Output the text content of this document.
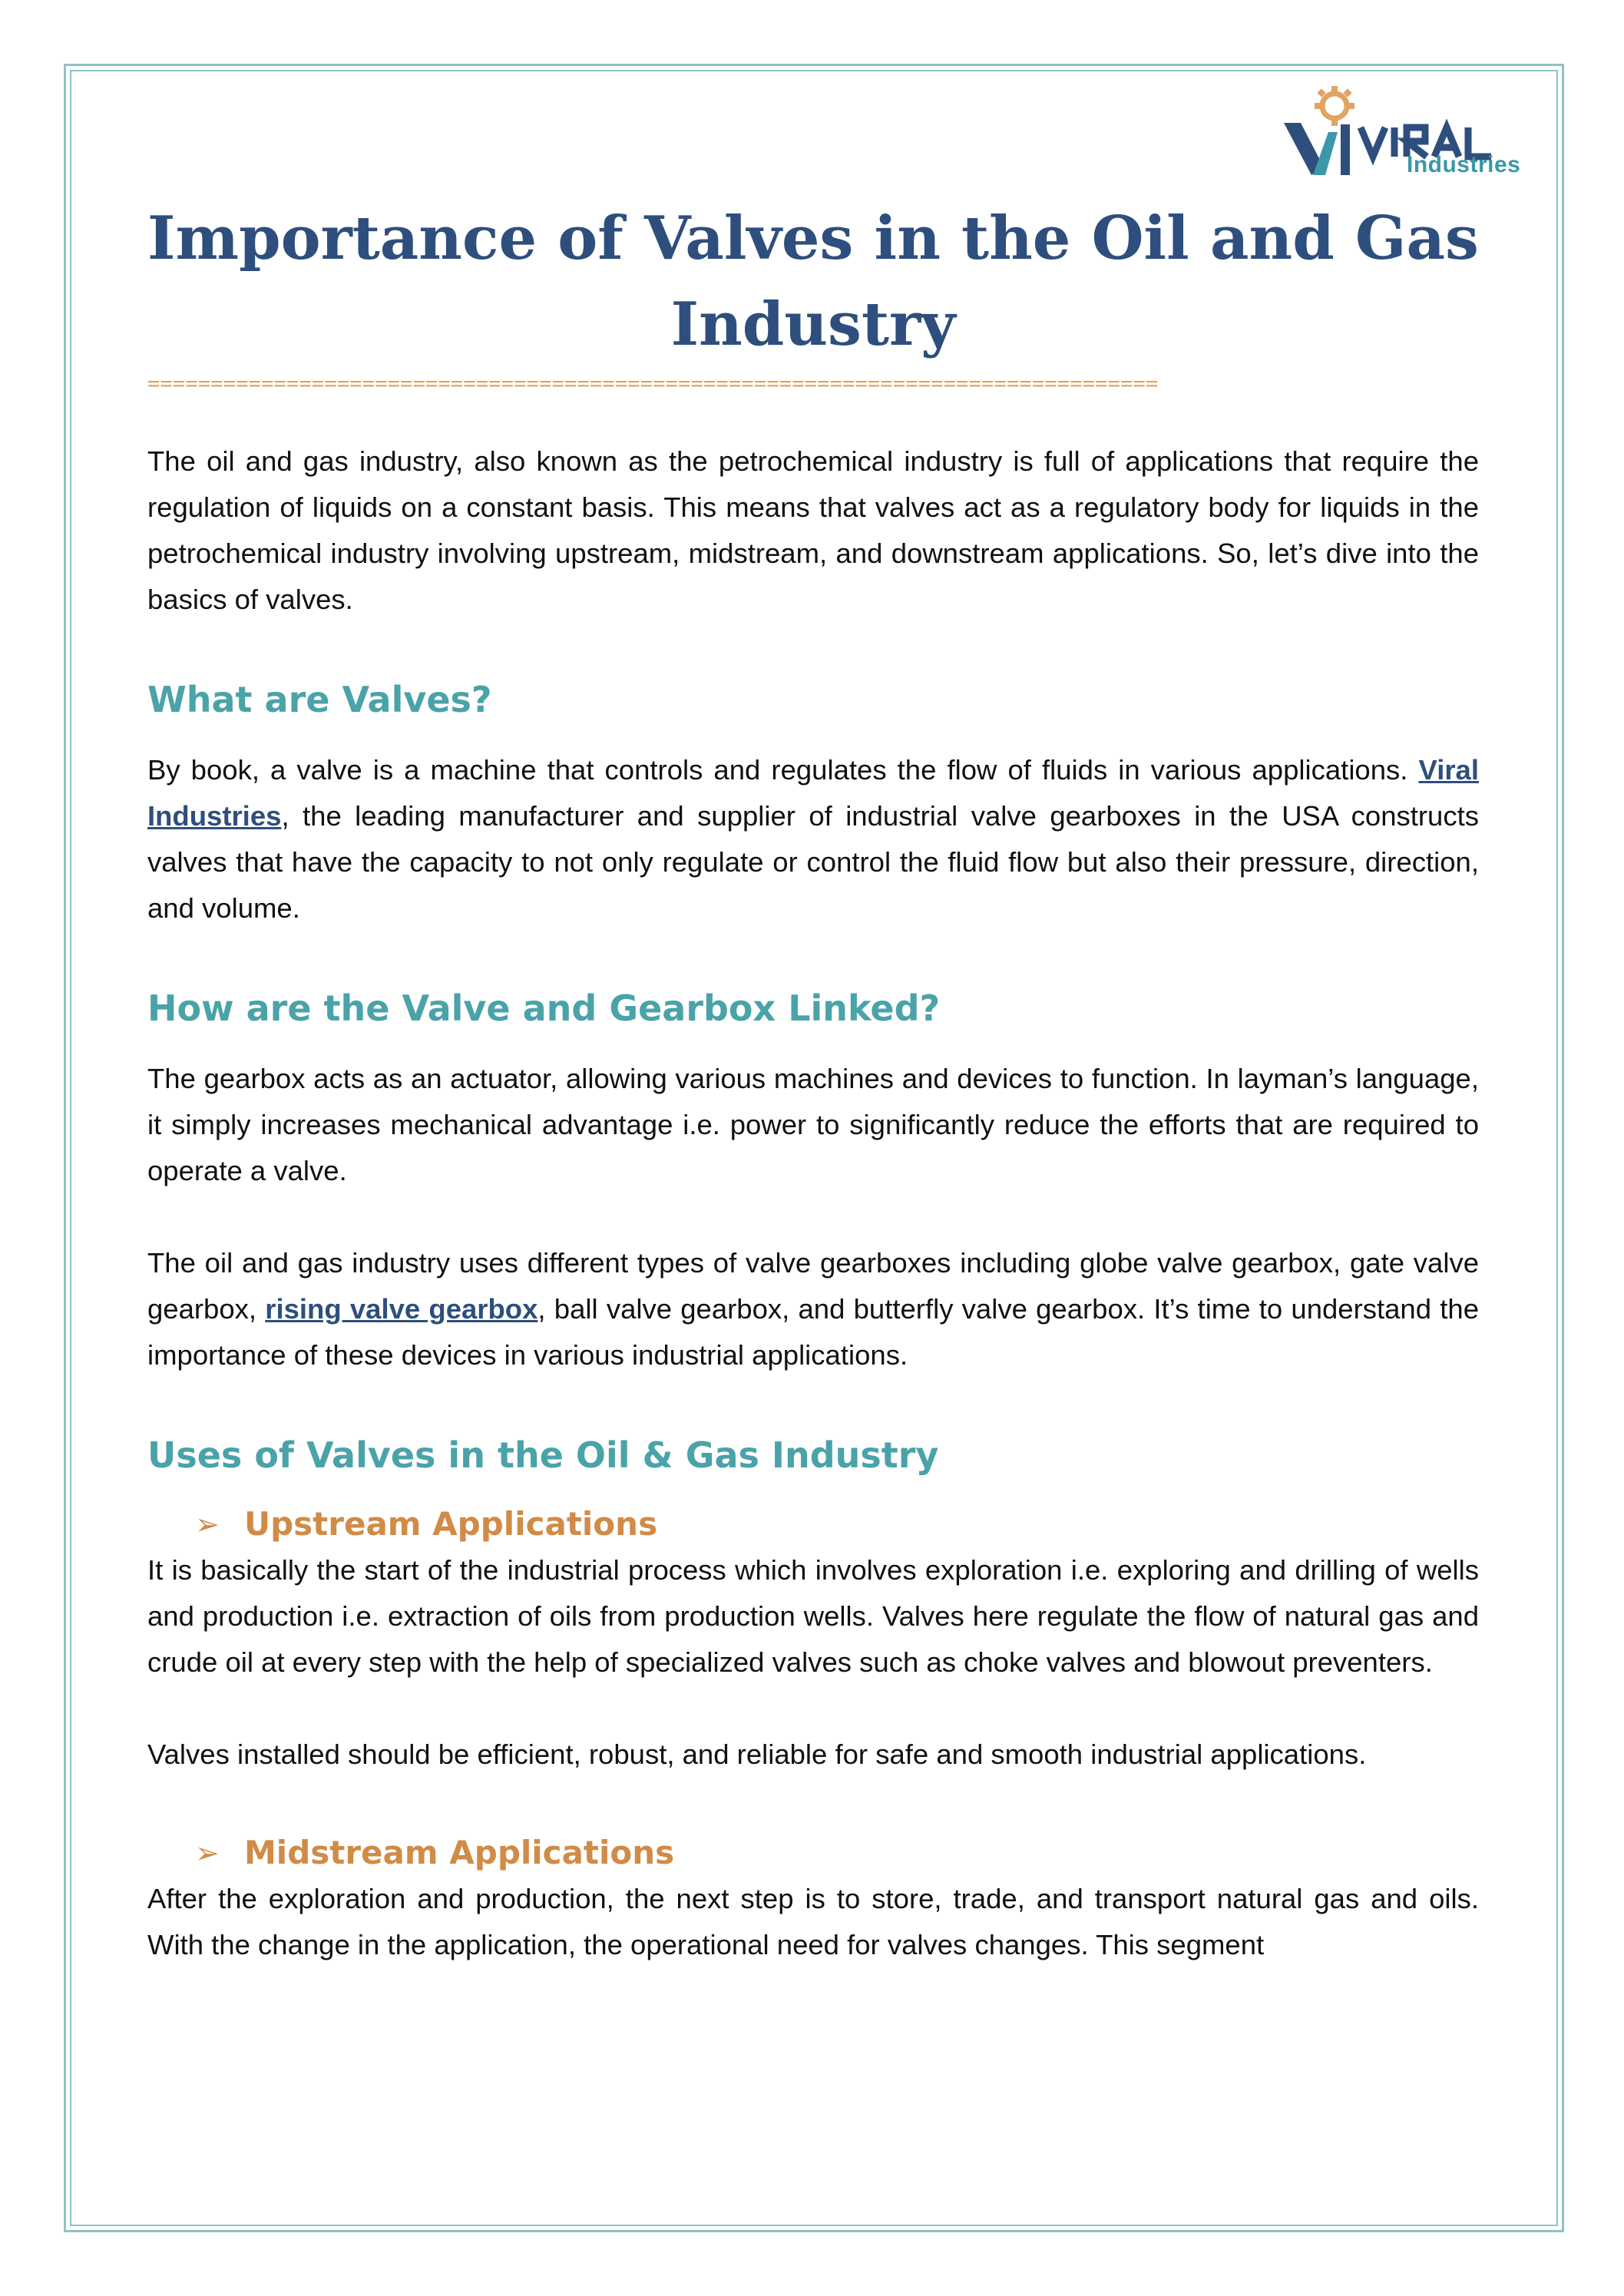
Industries
Importance of Valves in the Oil and Gas Industry
================================================================================

The oil and gas industry, also known as the petrochemical industry is full of applications that require the regulation of liquids on a constant basis. This means that valves act as a regulatory body for liquids in the petrochemical industry involving upstream, midstream, and downstream applications. So, let’s dive into the basics of valves.

What are Valves?

By book, a valve is a machine that controls and regulates the flow of fluids in various applications. Viral Industries, the leading manufacturer and supplier of industrial valve gearboxes in the USA constructs valves that have the capacity to not only regulate or control the fluid flow but also their pressure, direction, and volume.

How are the Valve and Gearbox Linked?

The gearbox acts as an actuator, allowing various machines and devices to function. In layman’s language, it simply increases mechanical advantage i.e. power to significantly reduce the efforts that are required to operate a valve.

The oil and gas industry uses different types of valve gearboxes including globe valve gearbox, gate valve gearbox, rising valve gearbox, ball valve gearbox, and butterfly valve gearbox. It’s time to understand the importance of these devices in various industrial applications.

Uses of Valves in the Oil & Gas Industry
➢ Upstream Applications

It is basically the start of the industrial process which involves exploration i.e. exploring and drilling of wells and production i.e. extraction of oils from production wells. Valves here regulate the flow of natural gas and crude oil at every step with the help of specialized valves such as choke valves and blowout preventers.

Valves installed should be efficient, robust, and reliable for safe and smooth industrial applications.

➢ Midstream Applications

After the exploration and production, the next step is to store, trade, and transport natural gas and oils. With the change in the application, the operational need for valves changes. This segment
